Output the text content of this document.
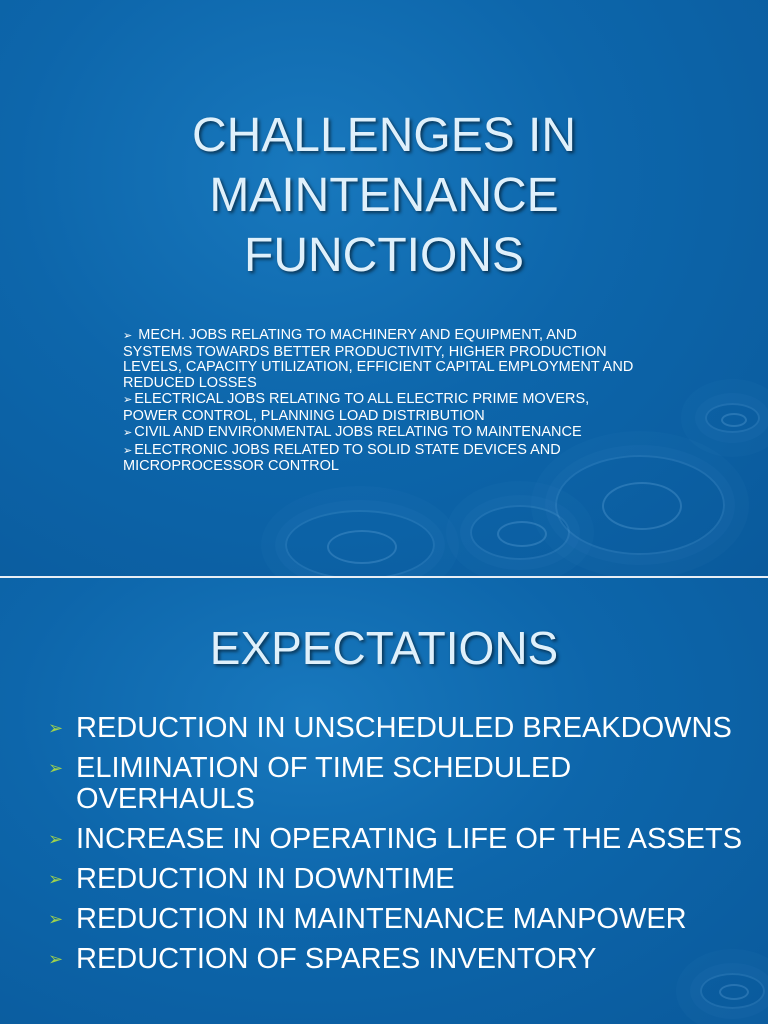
CHALLENGES IN
MAINTENANCE
FUNCTIONS
➢ MECH. JOBS RELATING TO MACHINERY AND EQUIPMENT, AND SYSTEMS TOWARDS BETTER PRODUCTIVITY, HIGHER PRODUCTION LEVELS, CAPACITY UTILIZATION, EFFICIENT CAPITAL EMPLOYMENT AND REDUCED LOSSES
➢ ELECTRICAL JOBS RELATING TO ALL ELECTRIC PRIME MOVERS, POWER CONTROL, PLANNING LOAD DISTRIBUTION
➢ CIVIL AND ENVIRONMENTAL JOBS RELATING TO MAINTENANCE
➢ ELECTRONIC JOBS RELATED TO SOLID STATE DEVICES AND MICROPROCESSOR CONTROL
EXPECTATIONS
➢ REDUCTION IN UNSCHEDULED BREAKDOWNS
➢ ELIMINATION OF TIME SCHEDULED OVERHAULS
➢ INCREASE IN OPERATING LIFE OF THE ASSETS
➢ REDUCTION IN DOWNTIME
➢ REDUCTION IN MAINTENANCE MANPOWER
➢ REDUCTION OF SPARES INVENTORY
